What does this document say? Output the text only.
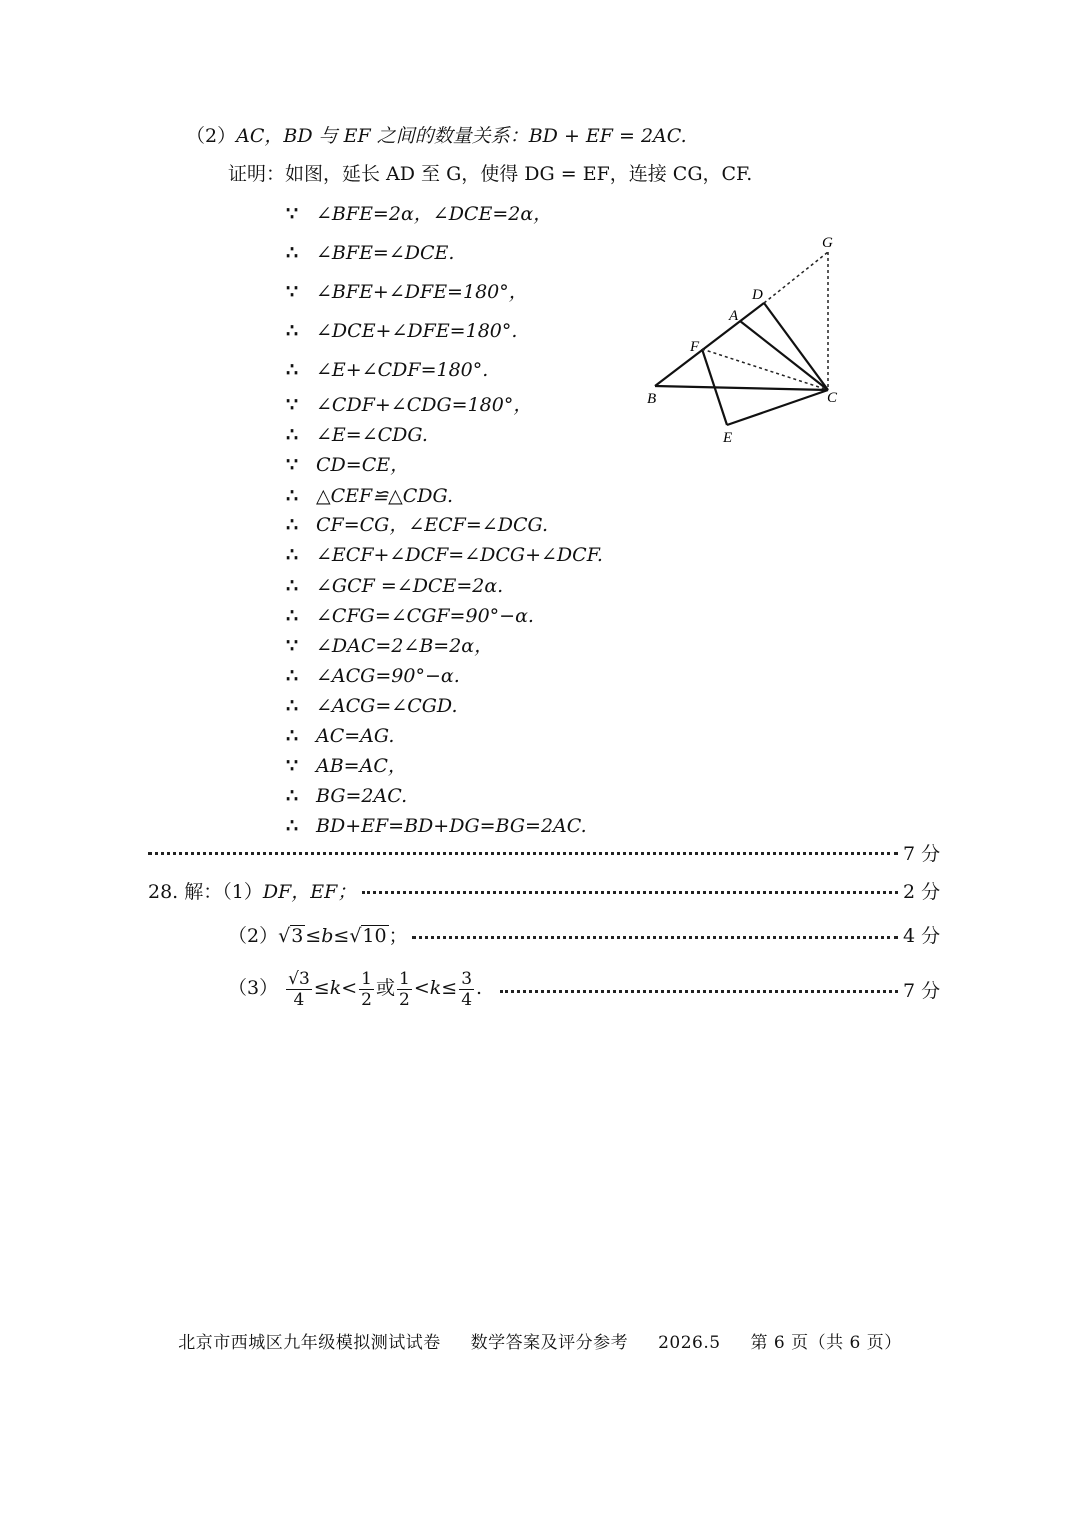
（2）AC，BD 与 EF 之间的数量关系：BD + EF = 2AC.
证明：如图，延长 AD 至 G，使得 DG = EF，连接 CG，CF.
∵ ∠BFE=2α，∠DCE=2α，
∴ ∠BFE=∠DCE.
∵ ∠BFE+∠DFE=180°，
∴ ∠DCE+∠DFE=180°.
∴ ∠E+∠CDF=180°.
∵ ∠CDF+∠CDG=180°，
∴ ∠E=∠CDG.
∵ CD=CE，
∴ △CEF≌△CDG.
∴ CF=CG，∠ECF=∠DCG.
∴ ∠ECF+∠DCF=∠DCG+∠DCF.
∴ ∠GCF =∠DCE=2α.
∴ ∠CFG=∠CGF=90°−α.
∵ ∠DAC=2∠B=2α，
∴ ∠ACG=90°−α.
∴ ∠ACG=∠CGD.
∴ AC=AG.
∵ AB=AC，
∴ BG=2AC.
∴ BD+EF=BD+DG=BG=2AC.
G
D
A
F
B	C
E
7 分
28. 解：（1）DF，EF；	2 分
（2）√3 ≤b≤√10 ；	4 分
$(3) \frac{√3}{4} \le k< \frac{1}{2}$ 或 $\frac{1}{2} <k\le \frac{3}{4}$ .	7 分
北京市西城区九年级模拟测试试卷 数学答案及评分参考 2026.5 第 6 页（共 6 页）
